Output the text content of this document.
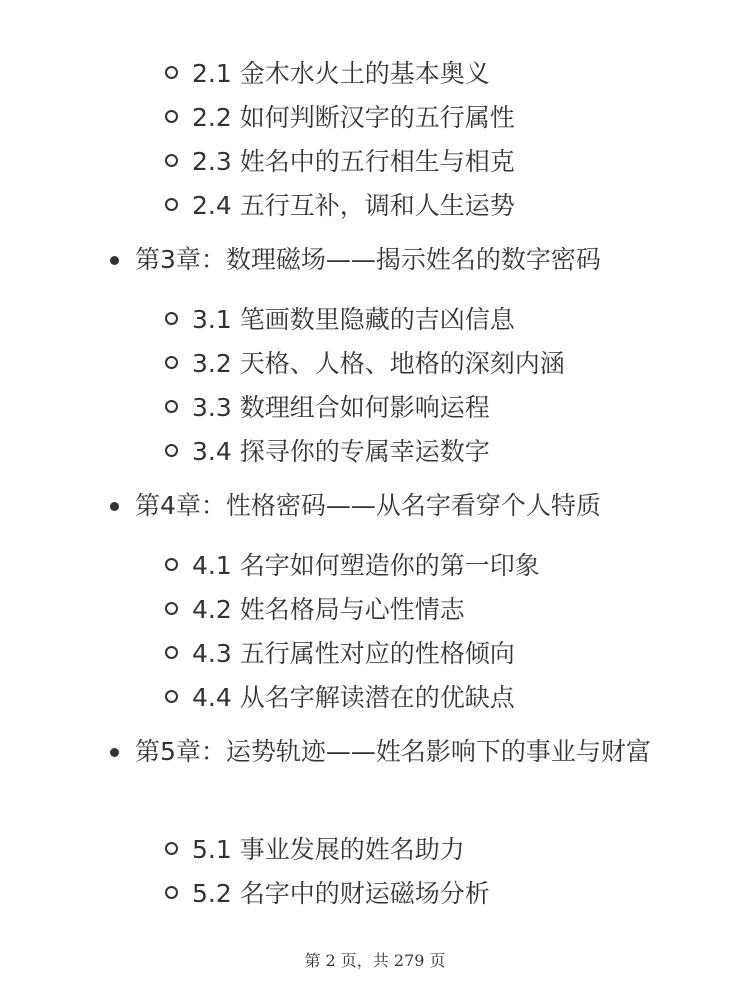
2.1 金木水火土的基本奥义
2.2 如何判断汉字的五行属性
2.3 姓名中的五行相生与相克
2.4 五行互补，调和人生运势
第3章：数理磁场——揭示姓名的数字密码
3.1 笔画数里隐藏的吉凶信息
3.2 天格、人格、地格的深刻内涵
3.3 数理组合如何影响运程
3.4 探寻你的专属幸运数字
第4章：性格密码——从名字看穿个人特质
4.1 名字如何塑造你的第一印象
4.2 姓名格局与心性情志
4.3 五行属性对应的性格倾向
4.4 从名字解读潜在的优缺点
第5章：运势轨迹——姓名影响下的事业与财富
5.1 事业发展的姓名助力
5.2 名字中的财运磁场分析
第 2 页，共 279 页
